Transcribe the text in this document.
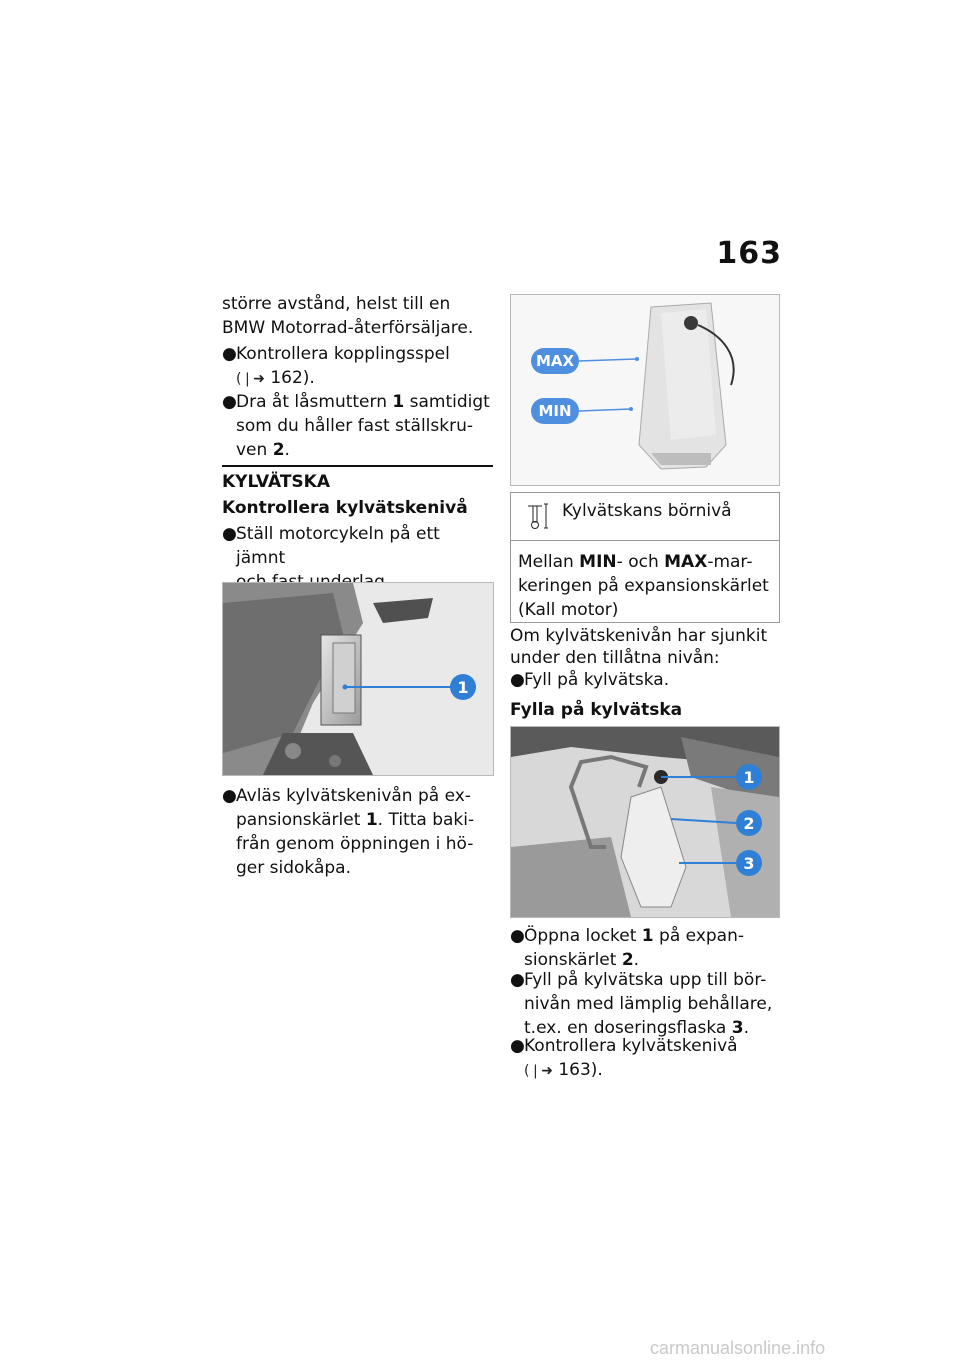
163
större avstånd, helst till en
BMW Motorrad-återförsäljare.
● Kontrollera kopplingsspel
(❘➜ 162).
● Dra åt låsmuttern 1 samtidigt
som du håller fast ställskru-
ven 2.
KYLVÄTSKA
Kontrollera kylvätskenivå
● Ställ motorcykeln på ett jämnt
1
● Avläs kylvätskenivån på ex-
pansionskärlet 1. Titta baki-
från genom öppningen i hö-
ger sidokåpa.
MAX
MIN
Kylvätskans börnivå
Mellan MIN- och MAX-mar-
keringen på expansionskärlet
(Kall motor)
Om kylvätskenivån har sjunkit
under den tillåtna nivån:
● Fyll på kylvätska.
Fylla på kylvätska
1
2
3
● Öppna locket 1 på expan-
sionskärlet 2.
● Fyll på kylvätska upp till bör-
nivån med lämplig behållare,
t.ex. en doseringsflaska 3.
● Kontrollera kylvätskenivå
(❘➜ 163).
carmanualsonline.info
